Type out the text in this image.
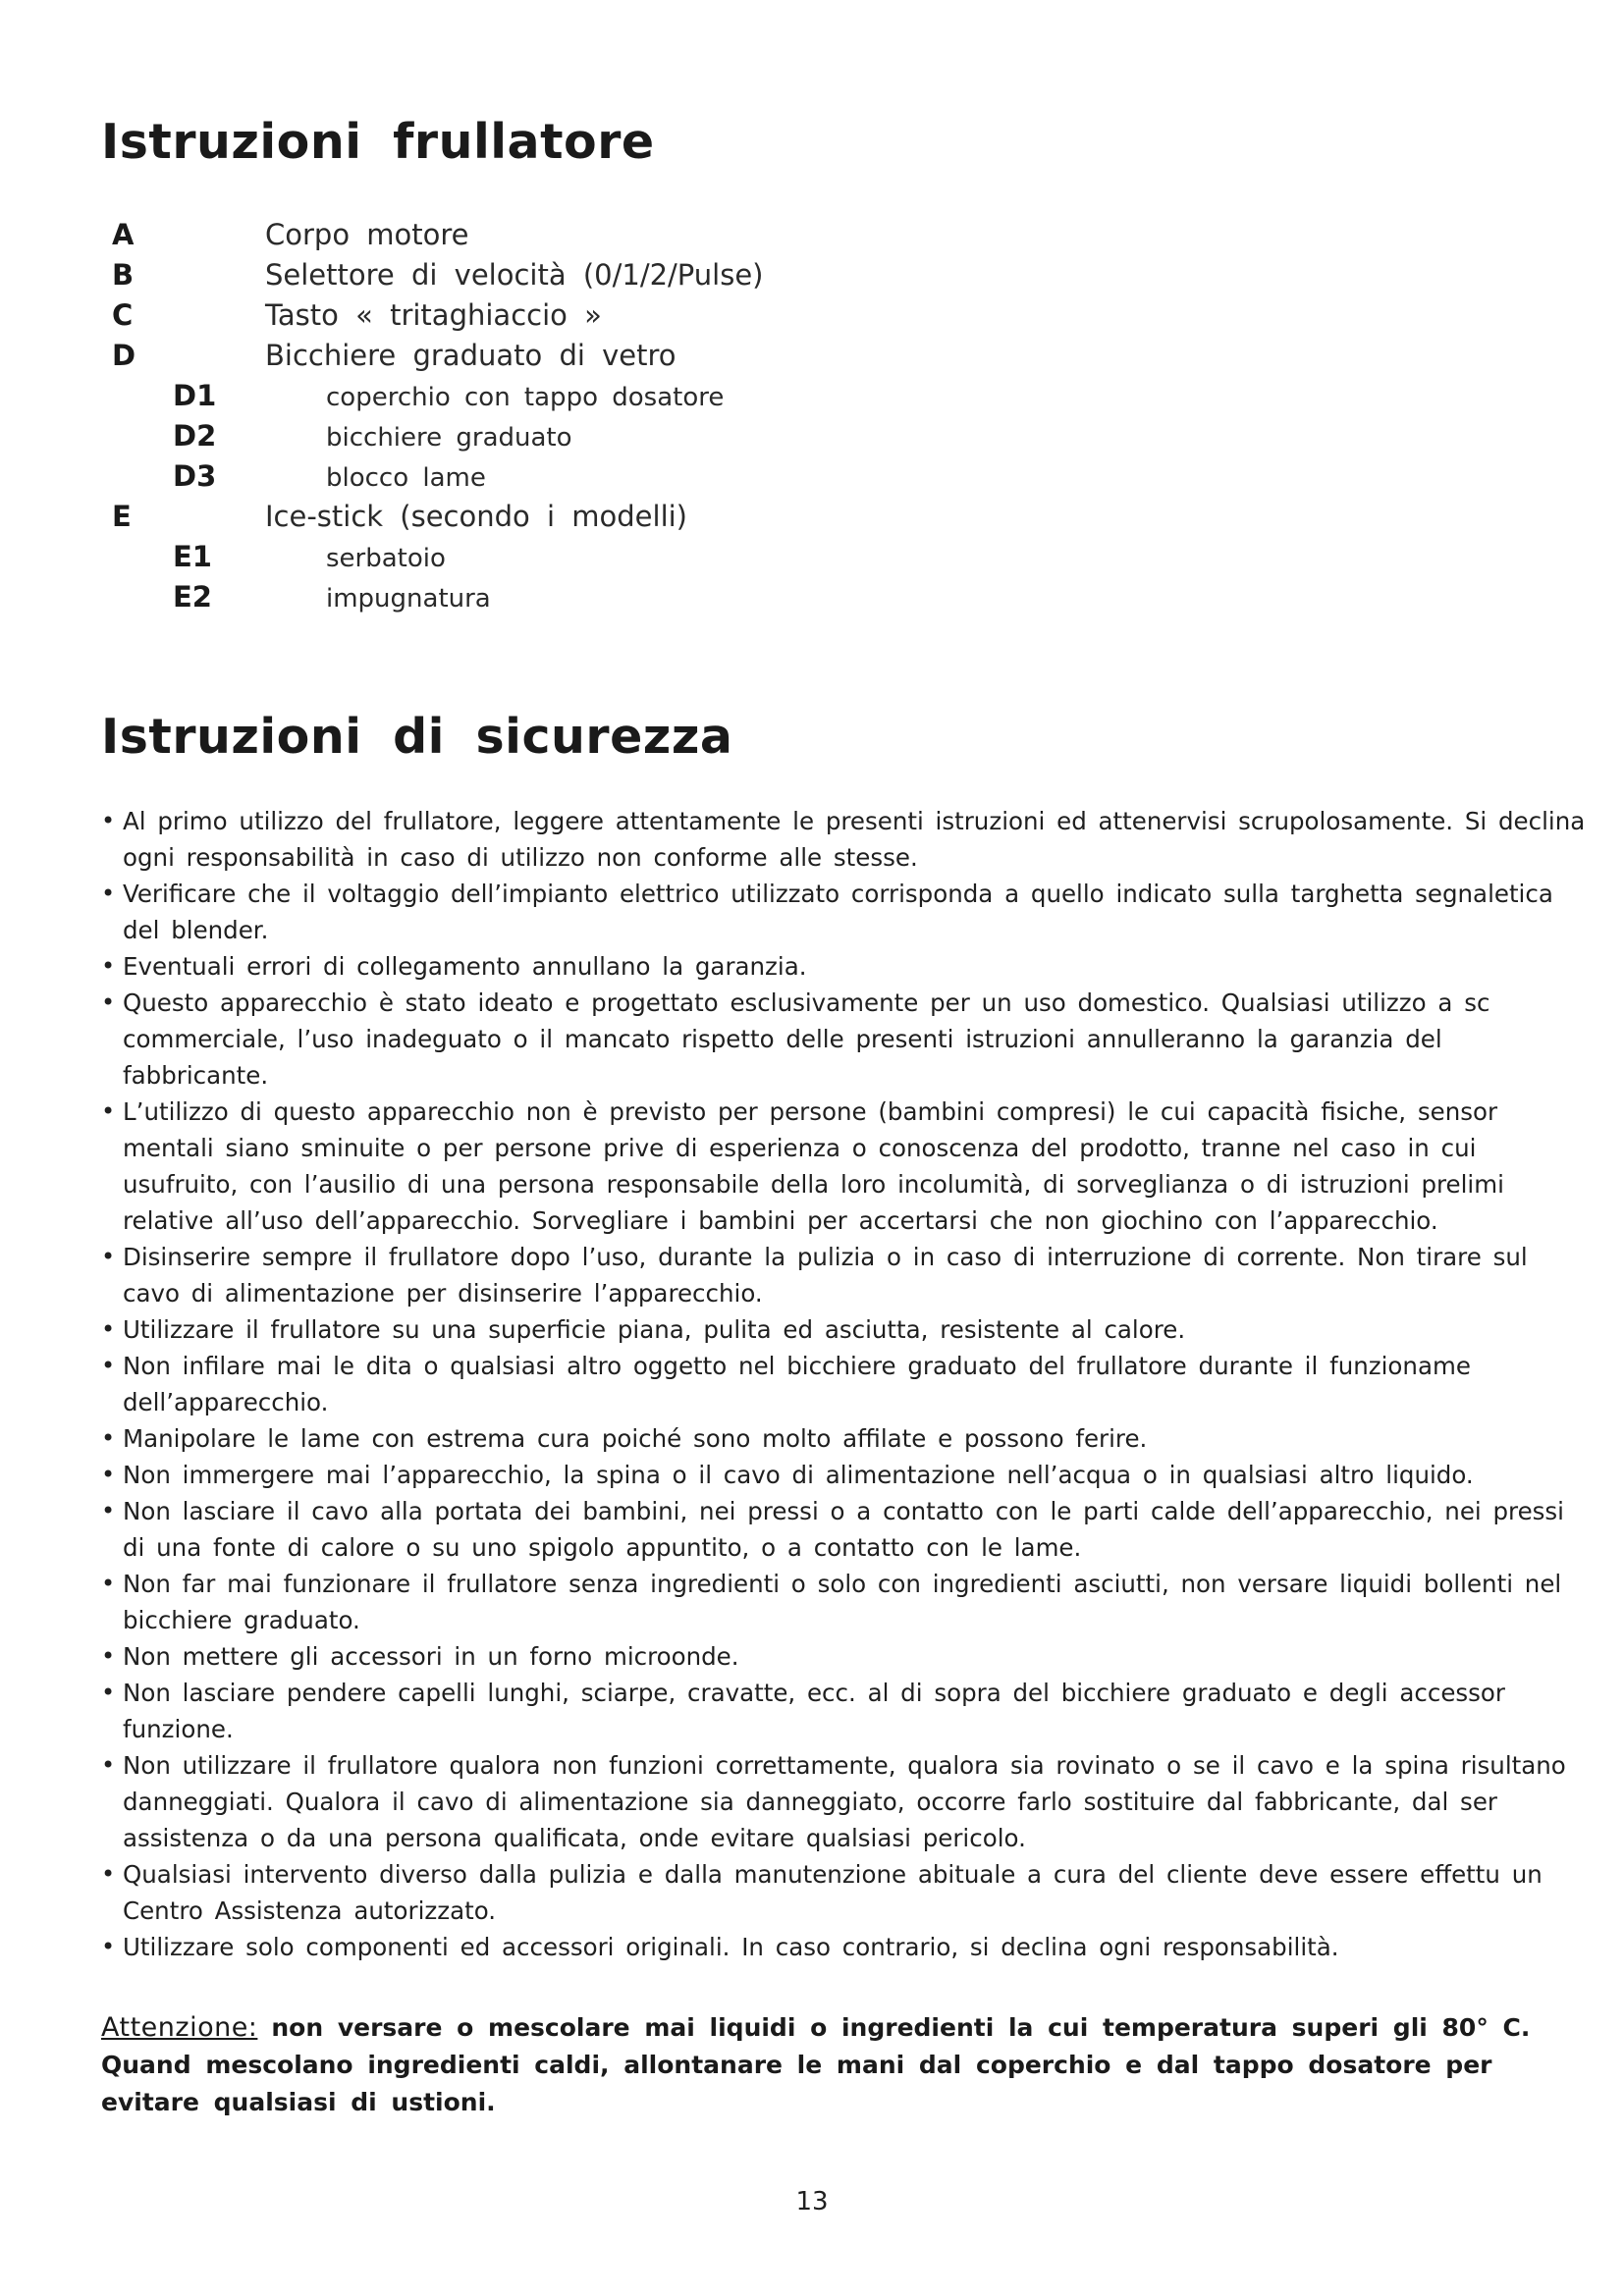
Istruzioni frullatore
A	Corpo motore
B	Selettore di velocità (0/1/2/Pulse)
C	Tasto « tritaghiaccio »
D	Bicchiere graduato di vetro
D1	coperchio con tappo dosatore
D2	bicchiere graduato
D3	blocco lame
E	Ice-stick (secondo i modelli)
E1	serbatoio
E2	impugnatura
Istruzioni di sicurezza
• Al primo utilizzo del frullatore, leggere attentamente le presenti istruzioni ed attenervisi scrupolosamente. Si declina ogni responsabilità in caso di utilizzo non conforme alle stesse.
• Verificare che il voltaggio dell’impianto elettrico utilizzato corrisponda a quello indicato sulla targhetta segnaletica del blender.
• Eventuali errori di collegamento annullano la garanzia.
• Questo apparecchio è stato ideato e progettato esclusivamente per un uso domestico. Qualsiasi utilizzo a sc commerciale, l’uso inadeguato o il mancato rispetto delle presenti istruzioni annulleranno la garanzia del fabbricante.
• L’utilizzo di questo apparecchio non è previsto per persone (bambini compresi) le cui capacità fisiche, sensor mentali siano sminuite o per persone prive di esperienza o conoscenza del prodotto, tranne nel caso in cui usufruito, con l’ausilio di una persona responsabile della loro incolumità, di sorveglianza o di istruzioni prelimi relative all’uso dell’apparecchio. Sorvegliare i bambini per accertarsi che non giochino con l’apparecchio.
• Disinserire sempre il frullatore dopo l’uso, durante la pulizia o in caso di interruzione di corrente. Non tirare sul cavo di alimentazione per disinserire l’apparecchio.
• Utilizzare il frullatore su una superficie piana, pulita ed asciutta, resistente al calore.
• Non infilare mai le dita o qualsiasi altro oggetto nel bicchiere graduato del frullatore durante il funzioname dell’apparecchio.
• Manipolare le lame con estrema cura poiché sono molto affilate e possono ferire.
• Non immergere mai l’apparecchio, la spina o il cavo di alimentazione nell’acqua o in qualsiasi altro liquido.
• Non lasciare il cavo alla portata dei bambini, nei pressi o a contatto con le parti calde dell’apparecchio, nei pressi di una fonte di calore o su uno spigolo appuntito, o a contatto con le lame.
• Non far mai funzionare il frullatore senza ingredienti o solo con ingredienti asciutti, non versare liquidi bollenti nel bicchiere graduato.
• Non mettere gli accessori in un forno microonde.
• Non lasciare pendere capelli lunghi, sciarpe, cravatte, ecc. al di sopra del bicchiere graduato e degli accessor funzione.
• Non utilizzare il frullatore qualora non funzioni correttamente, qualora sia rovinato o se il cavo e la spina risultano danneggiati. Qualora il cavo di alimentazione sia danneggiato, occorre farlo sostituire dal fabbricante, dal ser assistenza o da una persona qualificata, onde evitare qualsiasi pericolo.
• Qualsiasi intervento diverso dalla pulizia e dalla manutenzione abituale a cura del cliente deve essere effettu un Centro Assistenza autorizzato.
• Utilizzare solo componenti ed accessori originali. In caso contrario, si declina ogni responsabilità.
Attenzione: non versare o mescolare mai liquidi o ingredienti la cui temperatura superi gli 80° C. Quand mescolano ingredienti caldi, allontanare le mani dal coperchio e dal tappo dosatore per evitare qualsiasi di ustioni.
13
